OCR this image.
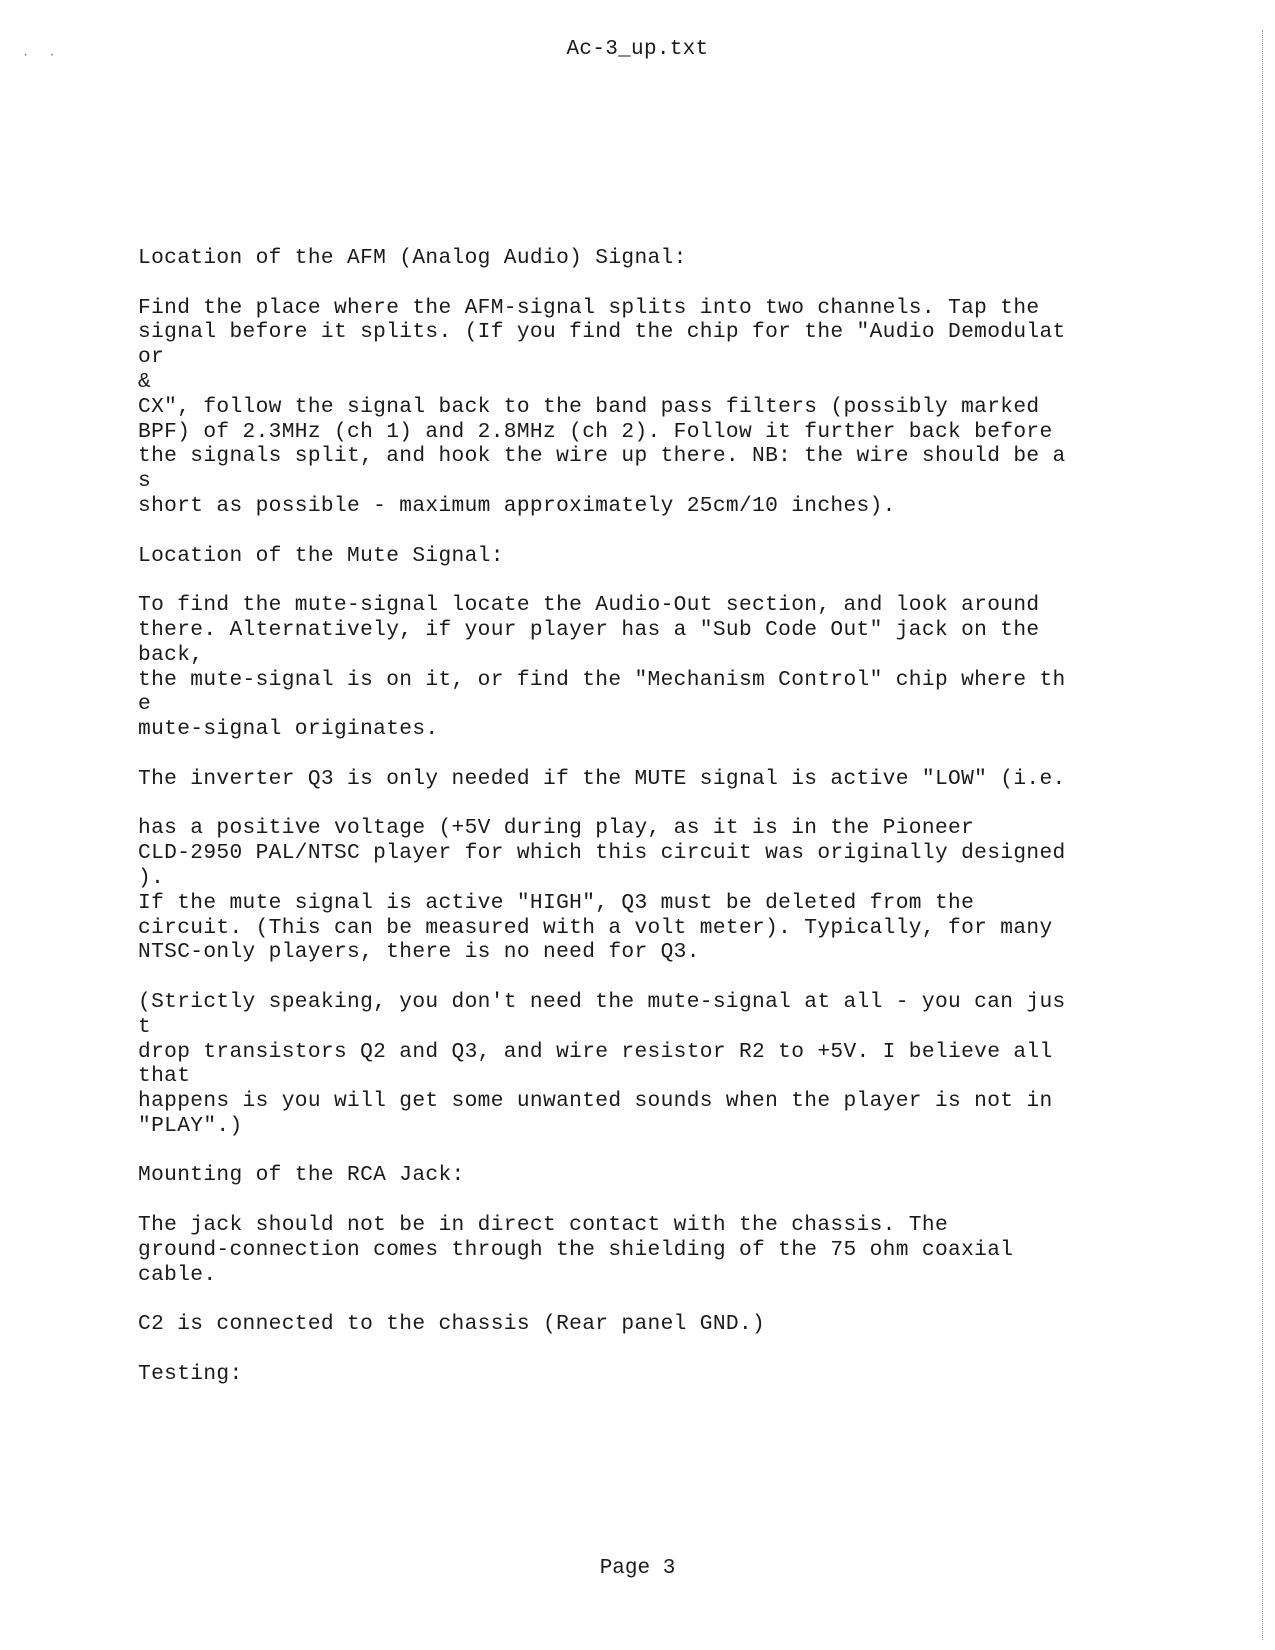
· ·	Ac-3_up.txt
Location of the AFM (Analog Audio) Signal:
Find the place where the AFM-signal splits into two channels. Tap the
signal before it splits. (If you find the chip for the "Audio Demodulat
or
&
CX", follow the signal back to the band pass filters (possibly marked
BPF) of 2.3MHz (ch 1) and 2.8MHz (ch 2). Follow it further back before
the signals split, and hook the wire up there. NB: the wire should be a
s
short as possible - maximum approximately 25cm/10 inches).
Location of the Mute Signal:
To find the mute-signal locate the Audio-Out section, and look around
there. Alternatively, if your player has a "Sub Code Out" jack on the
back,
the mute-signal is on it, or find the "Mechanism Control" chip where th
e
mute-signal originates.
The inverter Q3 is only needed if the MUTE signal is active "LOW" (i.e.
has a positive voltage (+5V during play, as it is in the Pioneer
CLD-2950 PAL/NTSC player for which this circuit was originally designed
).
If the mute signal is active "HIGH", Q3 must be deleted from the
circuit. (This can be measured with a volt meter). Typically, for many
NTSC-only players, there is no need for Q3.
(Strictly speaking, you don't need the mute-signal at all - you can jus
t
drop transistors Q2 and Q3, and wire resistor R2 to +5V. I believe all
that
happens is you will get some unwanted sounds when the player is not in
"PLAY".)
Mounting of the RCA Jack:
The jack should not be in direct contact with the chassis. The
ground-connection comes through the shielding of the 75 ohm coaxial
cable.
C2 is connected to the chassis (Rear panel GND.)
Testing:
Page 3
